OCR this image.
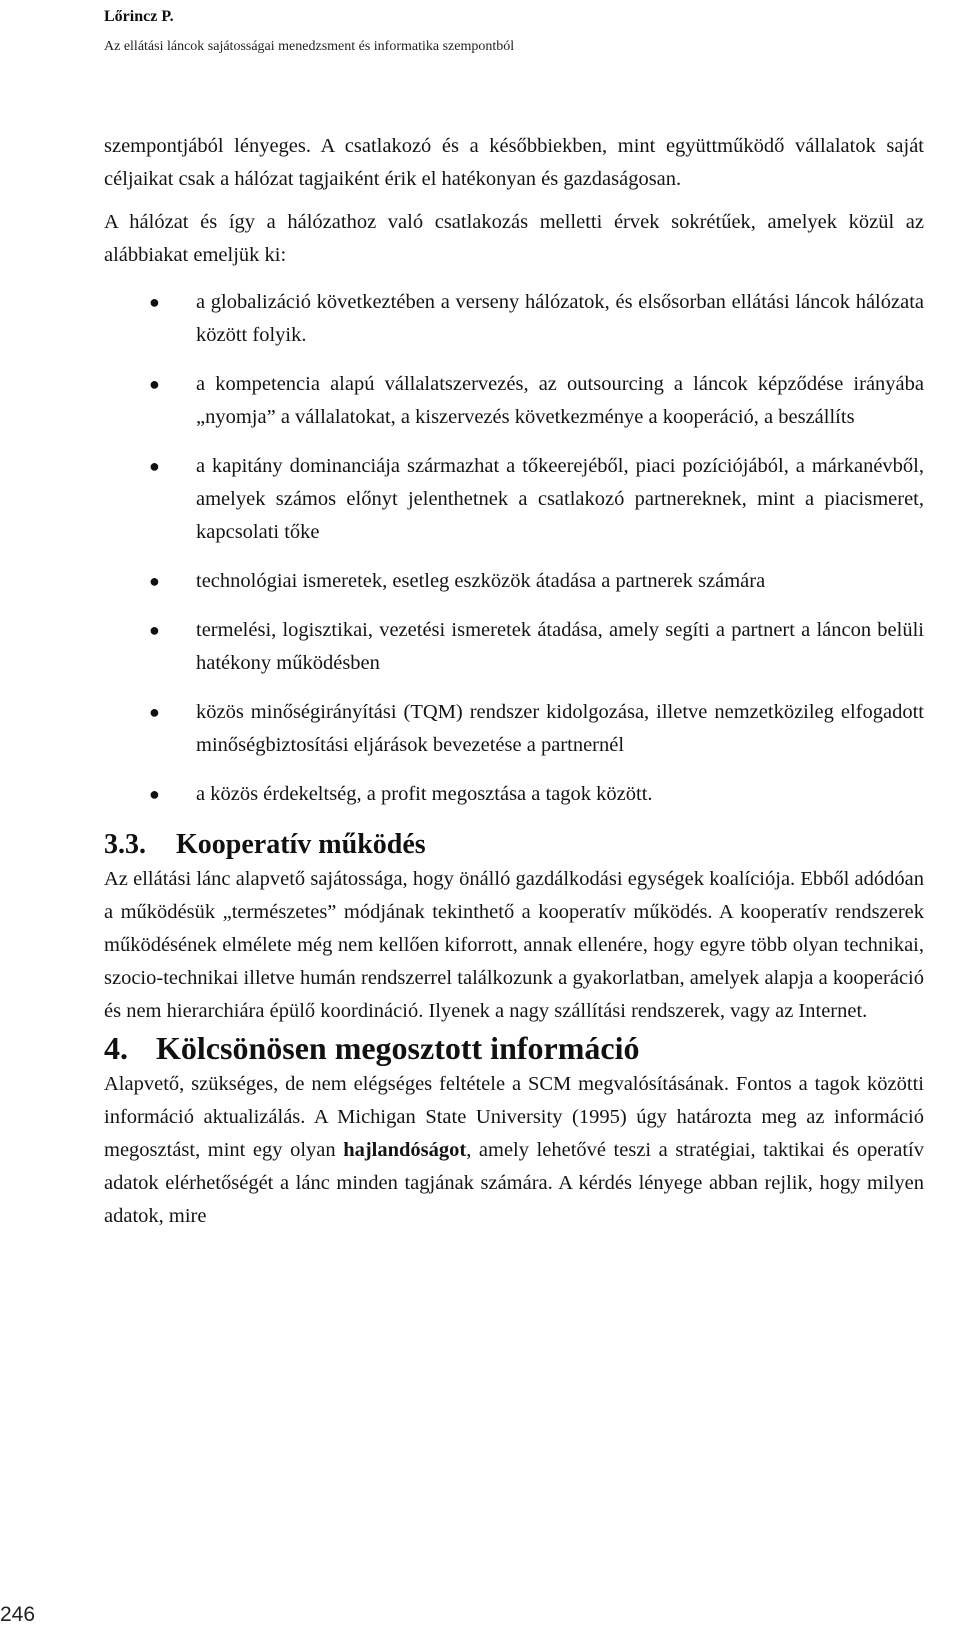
Lőrincz P.
Az ellátási láncok sajátosságai menedzsment és informatika szempontból

szempontjából lényeges. A csatlakozó és a későbbiekben, mint együttműködő vállalatok saját céljaikat csak a hálózat tagjaiként érik el hatékonyan és gazdaságosan.

A hálózat és így a hálózathoz való csatlakozás melletti érvek sokrétűek, amelyek közül az alábbiakat emeljük ki:

● a globalizáció következtében a verseny hálózatok, és elsősorban ellátási láncok hálózata között folyik.
● a kompetencia alapú vállalatszervezés, az outsourcing a láncok képződése irányába „nyomja” a vállalatokat, a kiszervezés következménye a kooperáció, a beszállíts
● a kapitány dominanciája származhat a tőkeerejéből, piaci pozíciójából, a márkanévből, amelyek számos előnyt jelenthetnek a csatlakozó partnereknek, mint a piacismeret, kapcsolati tőke
● technológiai ismeretek, esetleg eszközök átadása a partnerek számára
● termelési, logisztikai, vezetési ismeretek átadása, amely segíti a partnert a láncon belüli hatékony működésben
● közös minőségirányítási (TQM) rendszer kidolgozása, illetve nemzetközileg elfogadott minőségbiztosítási eljárások bevezetése a partnernél
● a közös érdekeltség, a profit megosztása a tagok között.
3.3. Kooperatív működés

Az ellátási lánc alapvető sajátossága, hogy önálló gazdálkodási egységek koalíciója. Ebből adódóan a működésük „természetes” módjának tekinthető a kooperatív működés. A kooperatív rendszerek működésének elmélete még nem kellően kiforrott, annak ellenére, hogy egyre több olyan technikai, szocio-technikai illetve humán rendszerrel találkozunk a gyakorlatban, amelyek alapja a kooperáció és nem hierarchiára épülő koordináció. Ilyenek a nagy szállítási rendszerek, vagy az Internet.

4. Kölcsönösen megosztott információ

Alapvető, szükséges, de nem elégséges feltétele a SCM megvalósításának. Fontos a tagok közötti információ aktualizálás. A Michigan State University (1995) úgy határozta meg az információ megosztást, mint egy olyan hajlandóságot, amely lehetővé teszi a stratégiai, taktikai és operatív adatok elérhetőségét a lánc minden tagjának számára. A kérdés lényege abban rejlik, hogy milyen adatok, mire

246
